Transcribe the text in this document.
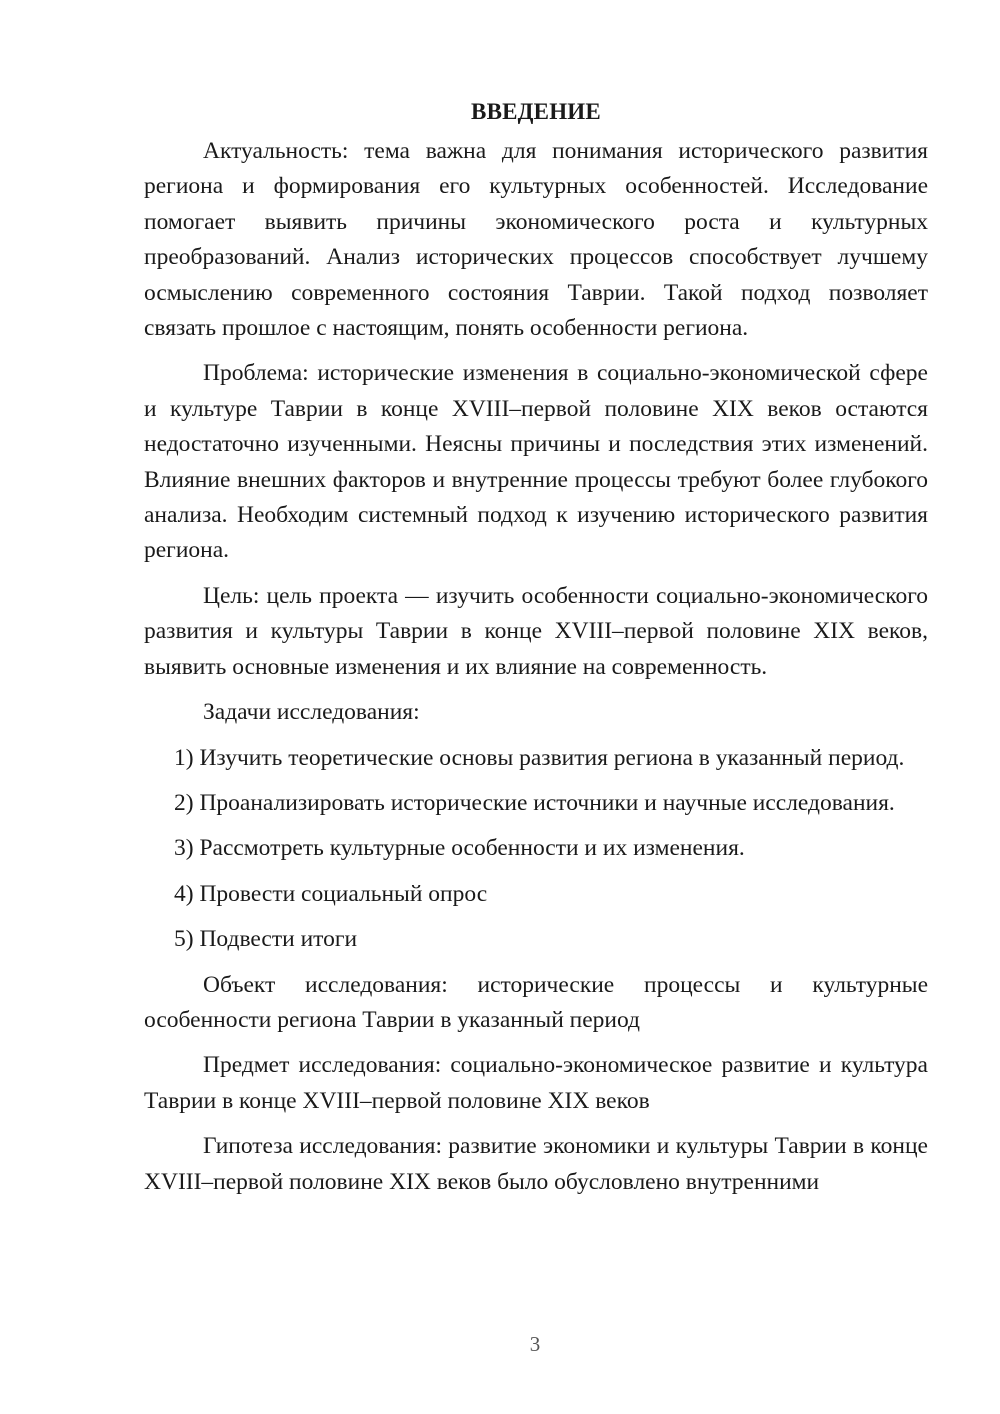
ВВЕДЕНИЕ

Актуальность: тема важна для понимания исторического развития региона и формирования его культурных особенностей. Исследование помогает выявить причины экономического роста и культурных преобразований. Анализ исторических процессов способствует лучшему осмыслению современного состояния Таврии. Такой подход позволяет связать прошлое с настоящим, понять особенности региона.

Проблема: исторические изменения в социально-экономической сфере и культуре Таврии в конце XVIII–первой половине XIX веков остаются недостаточно изученными. Неясны причины и последствия этих изменений. Влияние внешних факторов и внутренние процессы требуют более глубокого анализа. Необходим системный подход к изучению исторического развития региона.

Цель: цель проекта — изучить особенности социально-экономического развития и культуры Таврии в конце XVIII–первой половине XIX веков, выявить основные изменения и их влияние на современность.

Задачи исследования:

1) Изучить теоретические основы развития региона в указанный период.

2) Проанализировать исторические источники и научные исследования.

3) Рассмотреть культурные особенности и их изменения.

4) Провести социальный опрос

5) Подвести итоги

Объект исследования: исторические процессы и культурные особенности региона Таврии в указанный период

Предмет исследования: социально-экономическое развитие и культура Таврии в конце XVIII–первой половине XIX веков

Гипотеза исследования: развитие экономики и культуры Таврии в конце XVIII–первой половине XIX веков было обусловлено внутренними

3
